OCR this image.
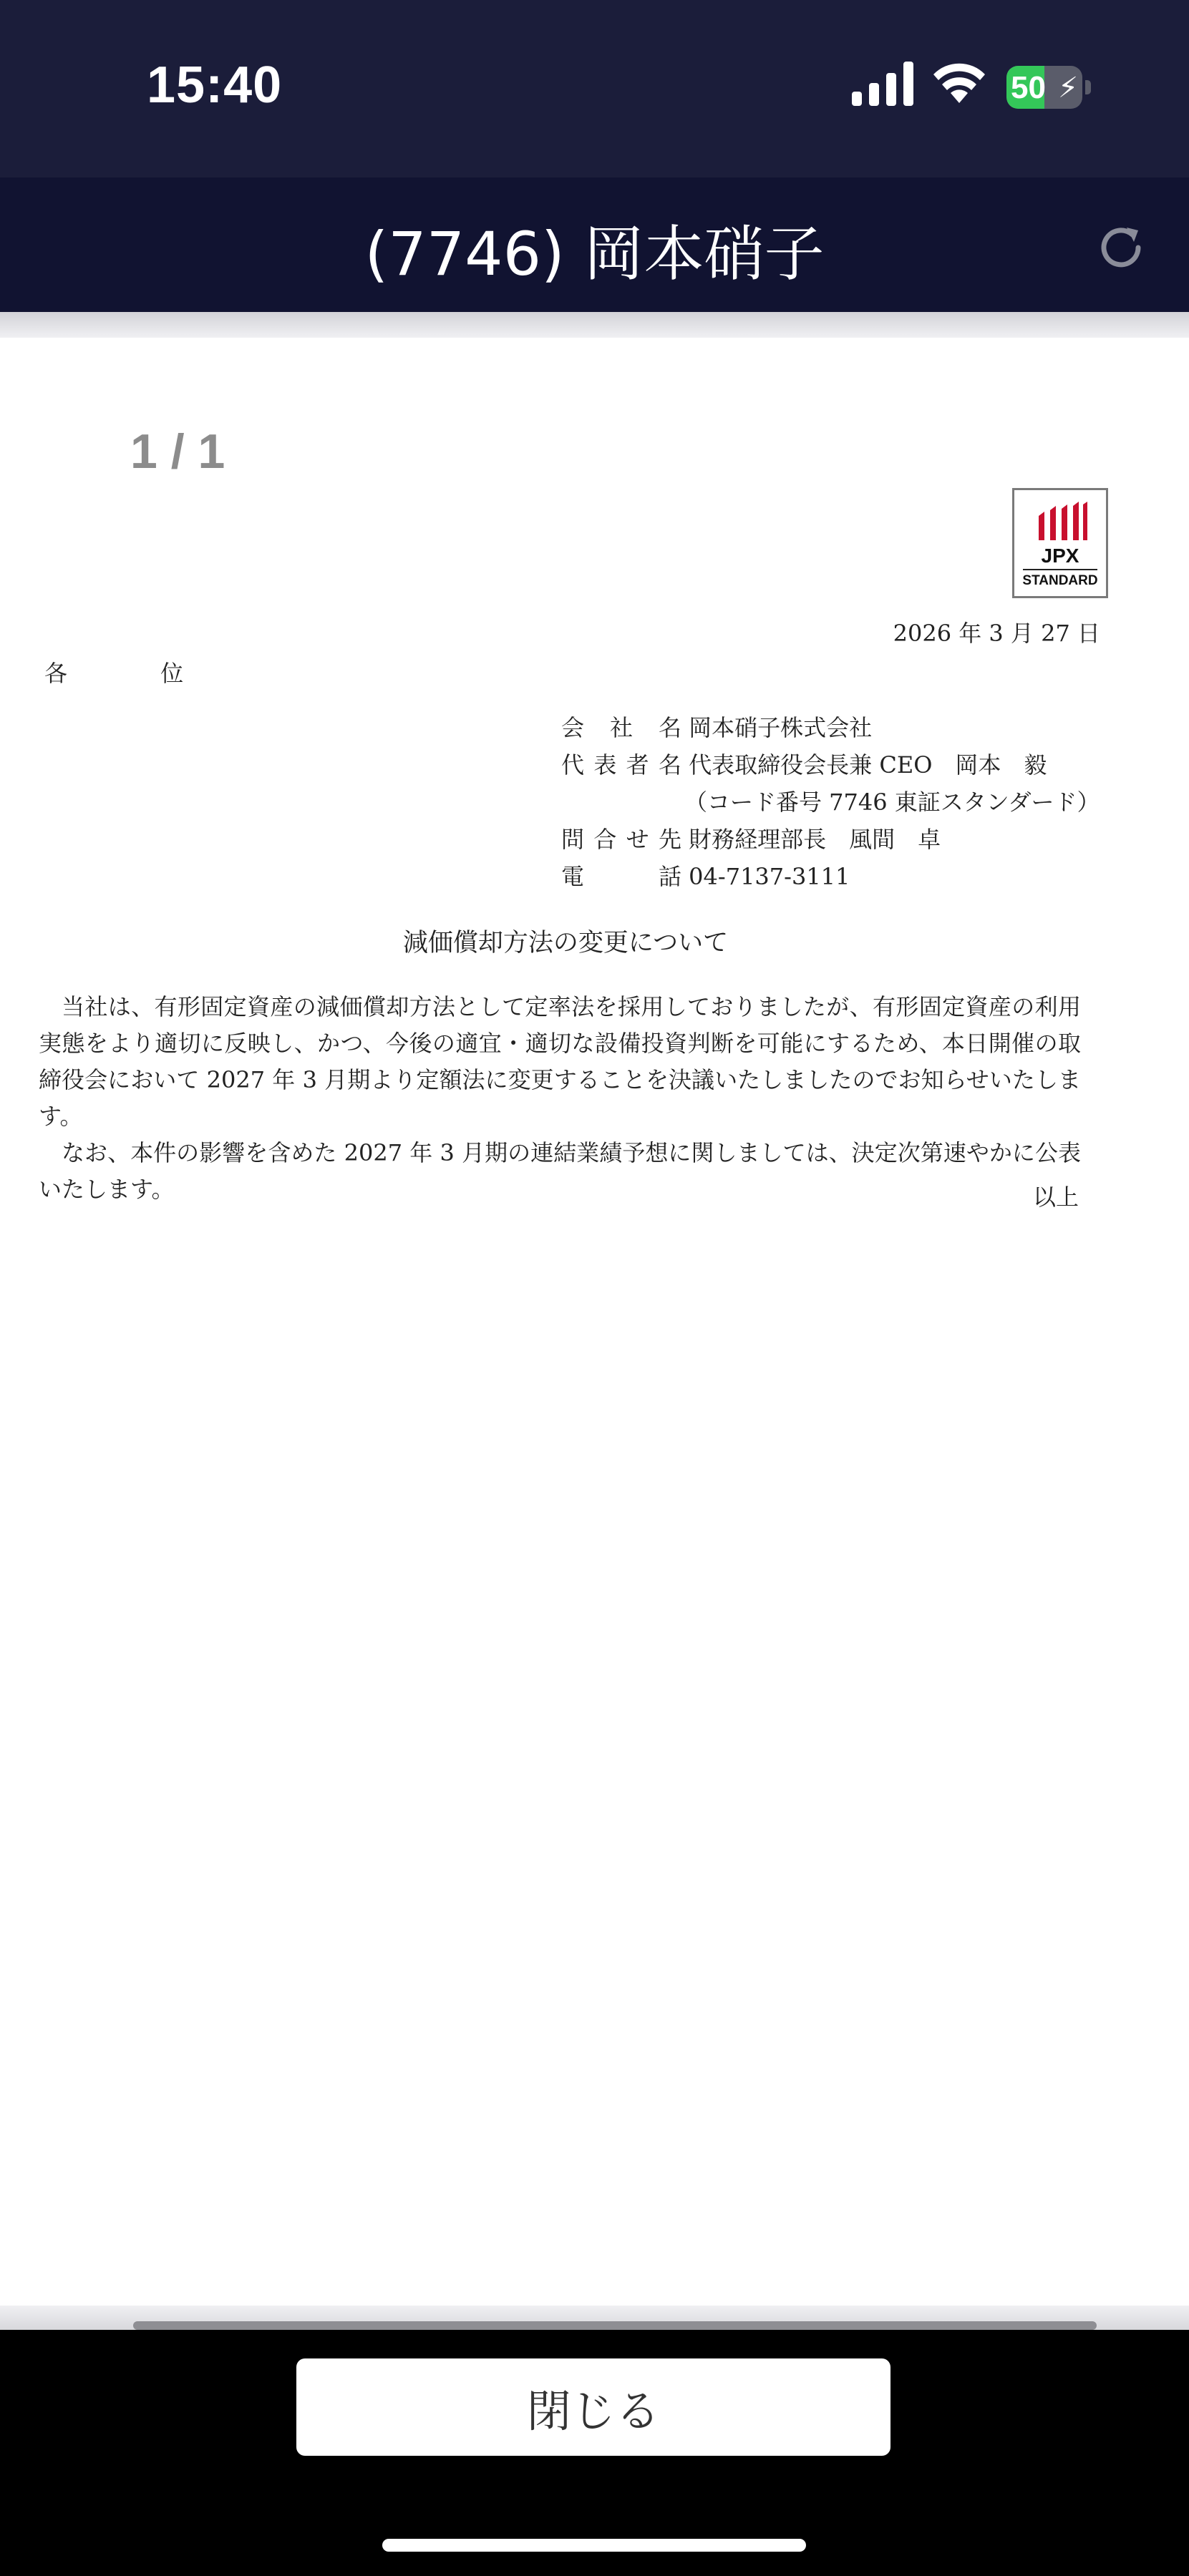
15:40	50 ⚡
(7746) 岡本硝子
1 / 1
JPX
STANDARD
2026 年 3 月 27 日
各 位
会社名 岡本硝子株式会社
代表者名 代表取締役会長兼 CEO　岡本　毅
（コード番号 7746 東証スタンダード）
問合せ先 財務経理部長　風間　卓
電話 04-7137-3111
減価償却方法の変更について

当社は、有形固定資産の減価償却方法として定率法を採用しておりましたが、有形固定資産の利用実態をより適切に反映し、かつ、今後の適宜・適切な設備投資判断を可能にするため、本日開催の取締役会において 2027 年 3 月期より定額法に変更することを決議いたしましたのでお知らせいたします。

なお、本件の影響を含めた 2027 年 3 月期の連結業績予想に関しましては、決定次第速やかに公表いたします。	以上
閉じる
